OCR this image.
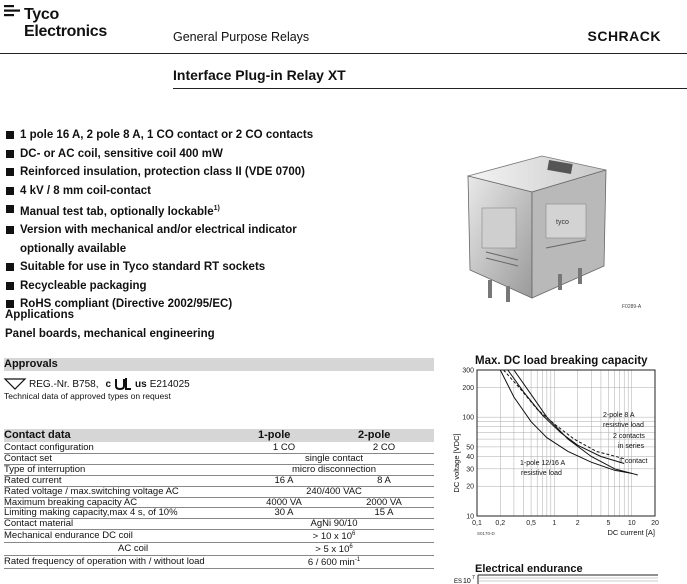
Tyco
Electronics	General Purpose Relays	SCHRACK
Interface Plug-in Relay XT
1 pole 16 A, 2 pole 8 A, 1 CO contact or 2 CO contacts
DC- or AC coil, sensitive coil 400 mW
Reinforced insulation, protection class II (VDE 0700)
4 kV / 8 mm coil-contact
Manual test tab, optionally lockable$^{1)}$
Version with mechanical and/or electrical indicator
optionally available
Suitable for use in Tyco standard RT sockets
Recycleable packaging
RoHS compliant (Directive 2002/95/EC)
Applications
Panel boards, mechanical engineering
tyco
F0289-A
Approvals
REG.-Nr. B758, c us E214025
Technical data of approved types on request
Contact data	1-pole	2-pole
Contact configuration	1 CO	2 CO
Contact set	single contact	
Type of interruption	micro disconnection	
Rated current	16 A	8 A
Rated voltage / max.switching voltage AC	240/400 VAC	
Maximum breaking capacity AC	4000 VA	2000 VA
Limiting making capacity,max 4 s, of 10%	30 A	15 A
Contact material	AgNi 90/10	
Mechanical endurance DC coil	> 10 x $10^6$
AC coil	> 5 x $10^6$
Rated frequency of operation with / without load	6 / 600 $\min^{-1}$
Max. DC load breaking capacity
0,1 0,2	0,5 1	2	5 10 20
300
200
100
50
40
30
20
10
2-pole 8 A
resistive load
2 contacts
in series
1 contact
1-pole 12/16 A
resistive load
DC current [A]
DC voltage [VDC]
S0170-D
Electrical endurance
ES 10 7
